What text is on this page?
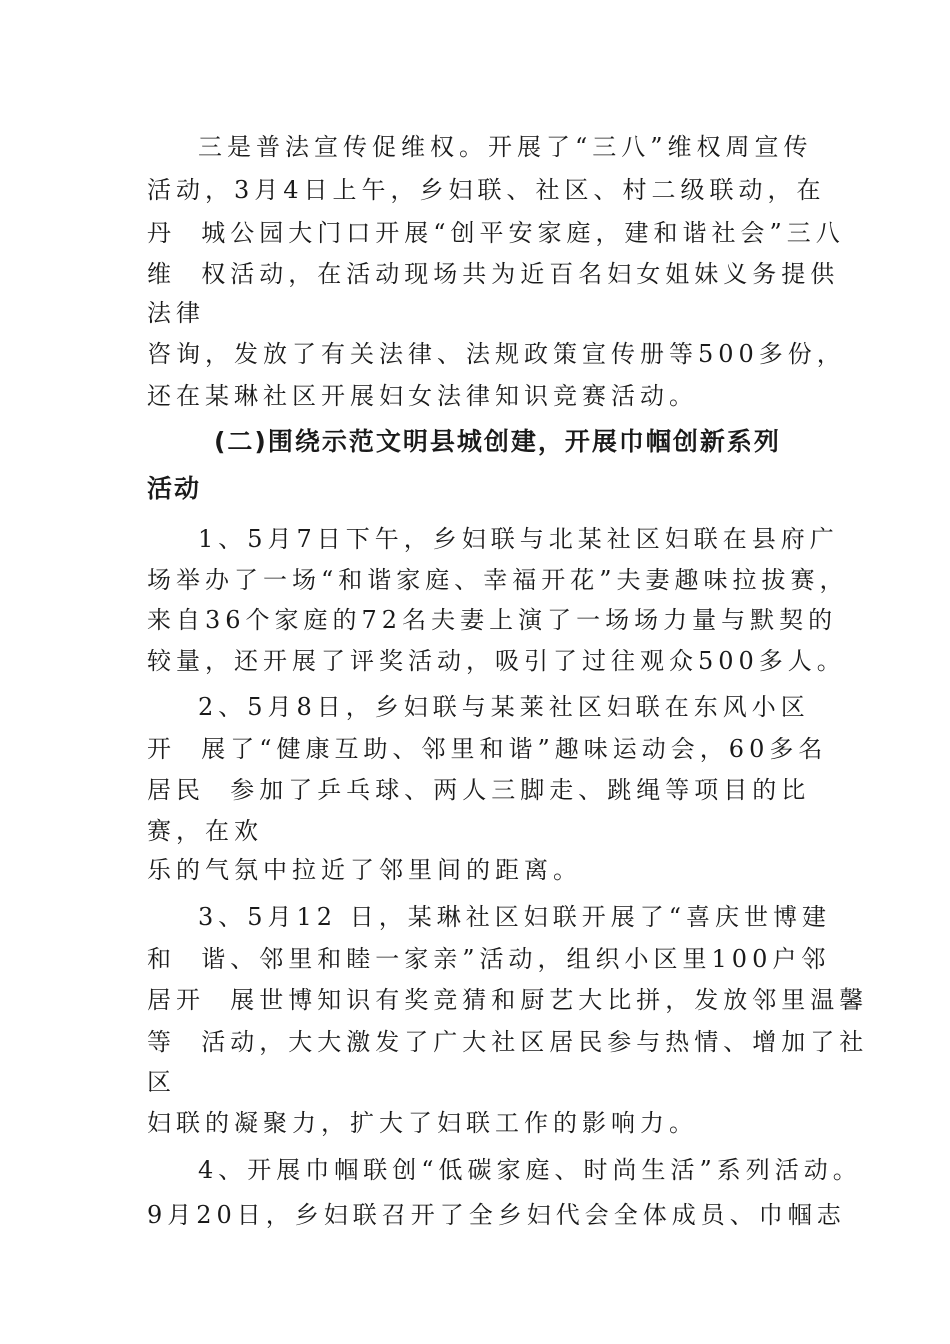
三是普法宣传促维权。开展了“三八”维权周宣传
活动，3月4日上午，乡妇联、社区、村二级联动，在
丹  城公园大门口开展“创平安家庭，建和谐社会”三八
维  权活动，在活动现场共为近百名妇女姐妹义务提供
法律
咨询，发放了有关法律、法规政策宣传册等500多份，
还在某琳社区开展妇女法律知识竞赛活动。
(二)围绕示范文明县城创建，开展巾帼创新系列
活动
1、5月7日下午，乡妇联与北某社区妇联在县府广
场举办了一场“和谐家庭、幸福开花”夫妻趣味拉拔赛，
来自36个家庭的72名夫妻上演了一场场力量与默契的
较量，还开展了评奖活动，吸引了过往观众500多人。
2、5月8日，乡妇联与某莱社区妇联在东风小区
开  展了“健康互助、邻里和谐”趣味运动会，60多名
居民  参加了乒乓球、两人三脚走、跳绳等项目的比
赛，在欢
乐的气氛中拉近了邻里间的距离。
3、5月12 日，某琳社区妇联开展了“喜庆世博建
和  谐、邻里和睦一家亲”活动，组织小区里100户邻
居开  展世博知识有奖竞猜和厨艺大比拼，发放邻里温馨
等  活动，大大激发了广大社区居民参与热情、增加了社
区
妇联的凝聚力，扩大了妇联工作的影响力。
4、开展巾帼联创“低碳家庭、时尚生活”系列活动。
9月20日，乡妇联召开了全乡妇代会全体成员、巾帼志
